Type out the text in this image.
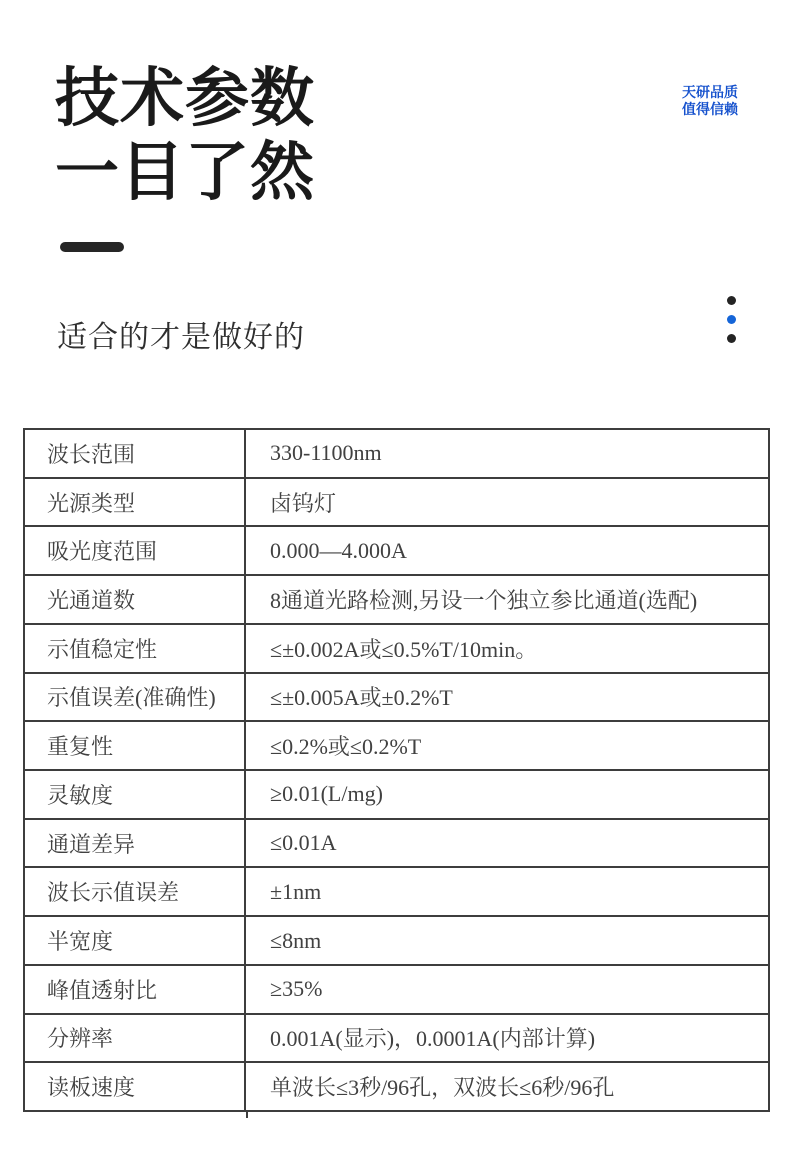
技术参数
一目了然
天研品质
值得信赖
适合的才是做好的
波长范围	330-1100nm
光源类型	卤钨灯
吸光度范围	0.000—4.000A
光通道数	8通道光路检测,另设一个独立参比通道(选配)
示值稳定性	≤±0.002A或≤0.5%T/10min。
示值误差(准确性)	≤±0.005A或±0.2%T
重复性	≤0.2%或≤0.2%T
灵敏度	≥0.01(L/mg)
通道差异	≤0.01A
波长示值误差	±1nm
半宽度	≤8nm
峰值透射比	≥35%
分辨率	0.001A(显示)，0.0001A(内部计算)
读板速度	单波长≤3秒/96孔，双波长≤6秒/96孔
